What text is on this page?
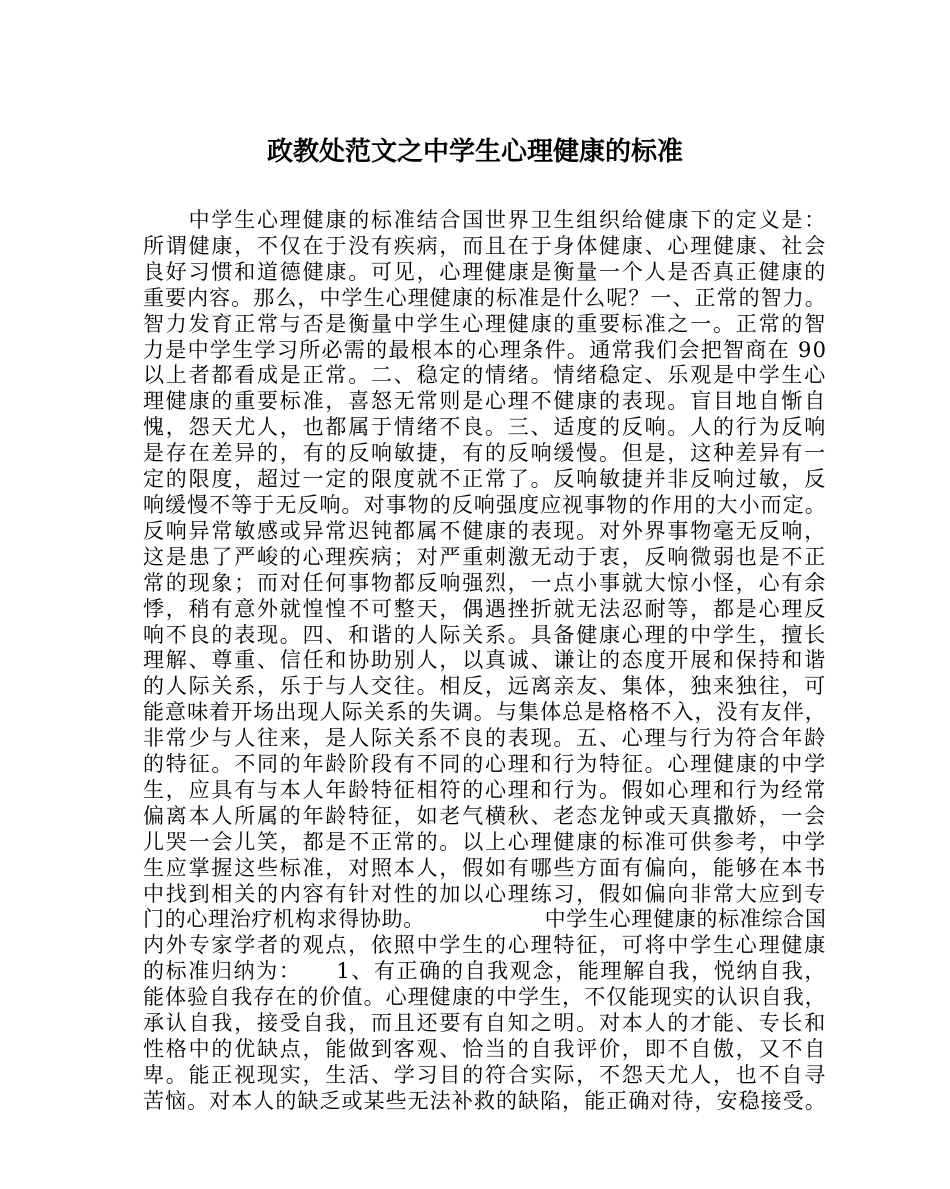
政教处范文之中学生心理健康的标准
　　中学生心理健康的标准结合国世界卫生组织给健康下的定义是：
所谓健康，不仅在于没有疾病，而且在于身体健康、心理健康、社会
良好习惯和道德健康。可见，心理健康是衡量一个人是否真正健康的
重要内容。那么，中学生心理健康的标准是什么呢？一、正常的智力。
智力发育正常与否是衡量中学生心理健康的重要标准之一。正常的智
力是中学生学习所必需的最根本的心理条件。通常我们会把智商在 90
以上者都看成是正常。二、稳定的情绪。情绪稳定、乐观是中学生心
理健康的重要标准，喜怒无常则是心理不健康的表现。盲目地自惭自
愧，怨天尤人，也都属于情绪不良。三、适度的反响。人的行为反响
是存在差异的，有的反响敏捷，有的反响缓慢。但是，这种差异有一
定的限度，超过一定的限度就不正常了。反响敏捷并非反响过敏，反
响缓慢不等于无反响。对事物的反响强度应视事物的作用的大小而定。
反响异常敏感或异常迟钝都属不健康的表现。对外界事物毫无反响，
这是患了严峻的心理疾病；对严重刺激无动于衷，反响微弱也是不正
常的现象；而对任何事物都反响强烈，一点小事就大惊小怪，心有余
悸，稍有意外就惶惶不可整天，偶遇挫折就无法忍耐等，都是心理反
响不良的表现。四、和谐的人际关系。具备健康心理的中学生，擅长
理解、尊重、信任和协助别人，以真诚、谦让的态度开展和保持和谐
的人际关系，乐于与人交往。相反，远离亲友、集体，独来独往，可
能意味着开场出现人际关系的失调。与集体总是格格不入，没有友伴，
非常少与人往来，是人际关系不良的表现。五、心理与行为符合年龄
的特征。不同的年龄阶段有不同的心理和行为特征。心理健康的中学
生，应具有与本人年龄特征相符的心理和行为。假如心理和行为经常
偏离本人所属的年龄特征，如老气横秋、老态龙钟或天真撒娇，一会
儿哭一会儿笑，都是不正常的。以上心理健康的标准可供参考，中学
生应掌握这些标准，对照本人，假如有哪些方面有偏向，能够在本书
中找到相关的内容有针对性的加以心理练习，假如偏向非常大应到专
门的心理治疗机构求得协助。　　　　　　中学生心理健康的标准综合国
内外专家学者的观点，依照中学生的心理特征，可将中学生心理健康
的标准归纳为：　　1、有正确的自我观念，能理解自我，悦纳自我，
能体验自我存在的价值。心理健康的中学生，不仅能现实的认识自我，
承认自我，接受自我，而且还要有自知之明。对本人的才能、专长和
性格中的优缺点，能做到客观、恰当的自我评价，即不自傲，又不自
卑。能正视现实，生活、学习目的符合实际，不怨天尤人，也不自寻
苦恼。对本人的缺乏或某些无法补救的缺陷，能正确对待，安稳接受。
